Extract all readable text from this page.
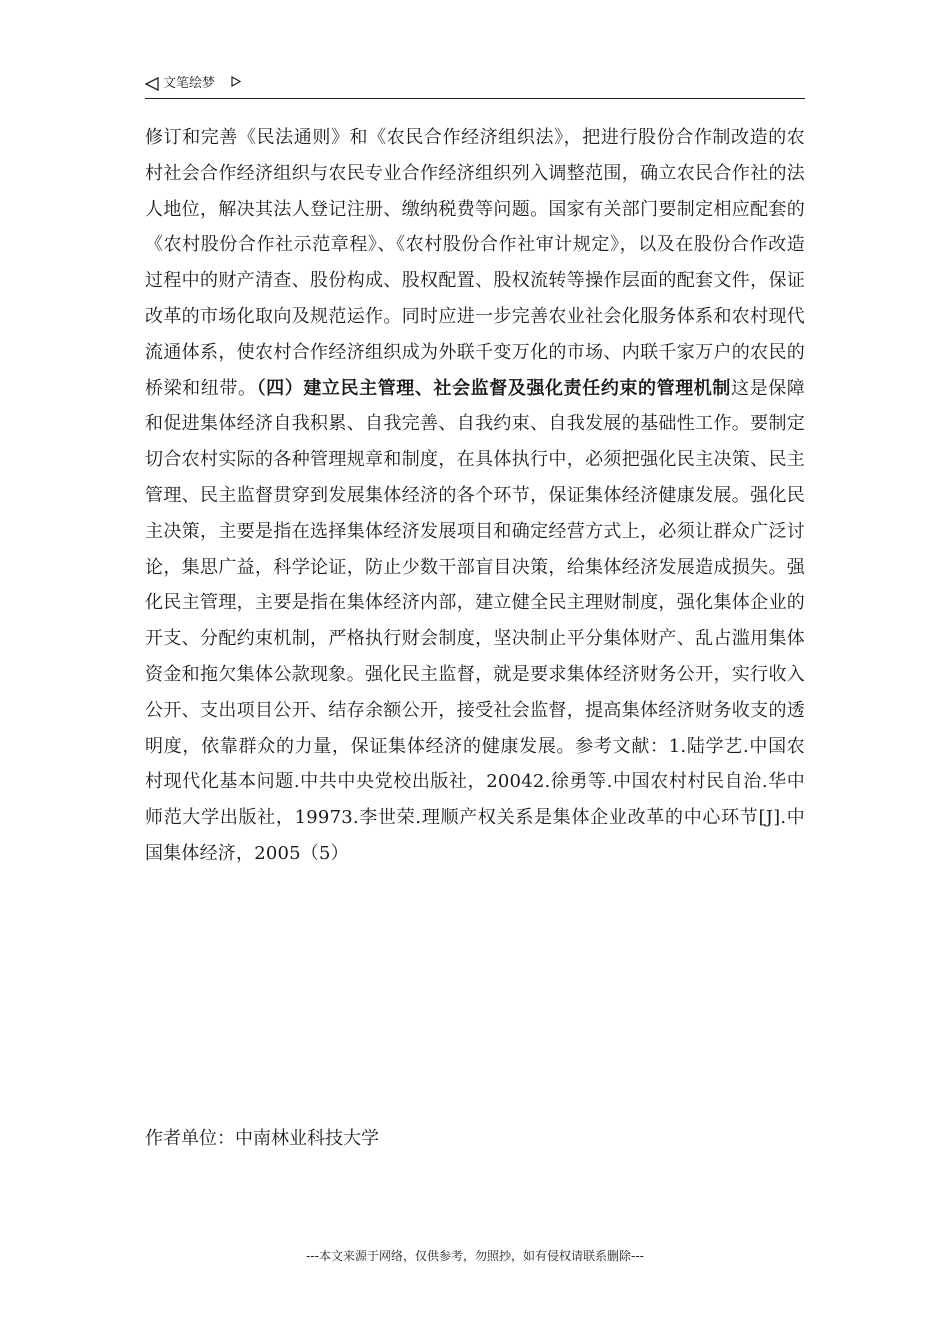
文笔绘梦
修订和完善《民法通则》和《农民合作经济组织法》，把进行股份合作制改造的农村社会合作经济组织与农民专业合作经济组织列入调整范围，确立农民合作社的法人地位，解决其法人登记注册、缴纳税费等问题。国家有关部门要制定相应配套的《农村股份合作社示范章程》、《农村股份合作社审计规定》，以及在股份合作改造过程中的财产清查、股份构成、股权配置、股权流转等操作层面的配套文件，保证改革的市场化取向及规范运作。同时应进一步完善农业社会化服务体系和农村现代流通体系，使农村合作经济组织成为外联千变万化的市场、内联千家万户的农民的桥梁和纽带。（四）建立民主管理、社会监督及强化责任约束的管理机制这是保障和促进集体经济自我积累、自我完善、自我约束、自我发展的基础性工作。要制定切合农村实际的各种管理规章和制度，在具体执行中，必须把强化民主决策、民主管理、民主监督贯穿到发展集体经济的各个环节，保证集体经济健康发展。强化民主决策，主要是指在选择集体经济发展项目和确定经营方式上，必须让群众广泛讨论，集思广益，科学论证，防止少数干部盲目决策，给集体经济发展造成损失。强化民主管理，主要是指在集体经济内部，建立健全民主理财制度，强化集体企业的开支、分配约束机制，严格执行财会制度，坚决制止平分集体财产、乱占滥用集体资金和拖欠集体公款现象。强化民主监督，就是要求集体经济财务公开，实行收入公开、支出项目公开、结存余额公开，接受社会监督，提高集体经济财务收支的透明度，依靠群众的力量，保证集体经济的健康发展。参考文献：1.陆学艺.中国农村现代化基本问题.中共中央党校出版社，20042.徐勇等.中国农村村民自治.华中师范大学出版社，19973.李世荣.理顺产权关系是集体企业改革的中心环节[J].中国集体经济，2005（5）
作者单位：中南林业科技大学
---本文来源于网络，仅供参考，勿照抄，如有侵权请联系删除---
